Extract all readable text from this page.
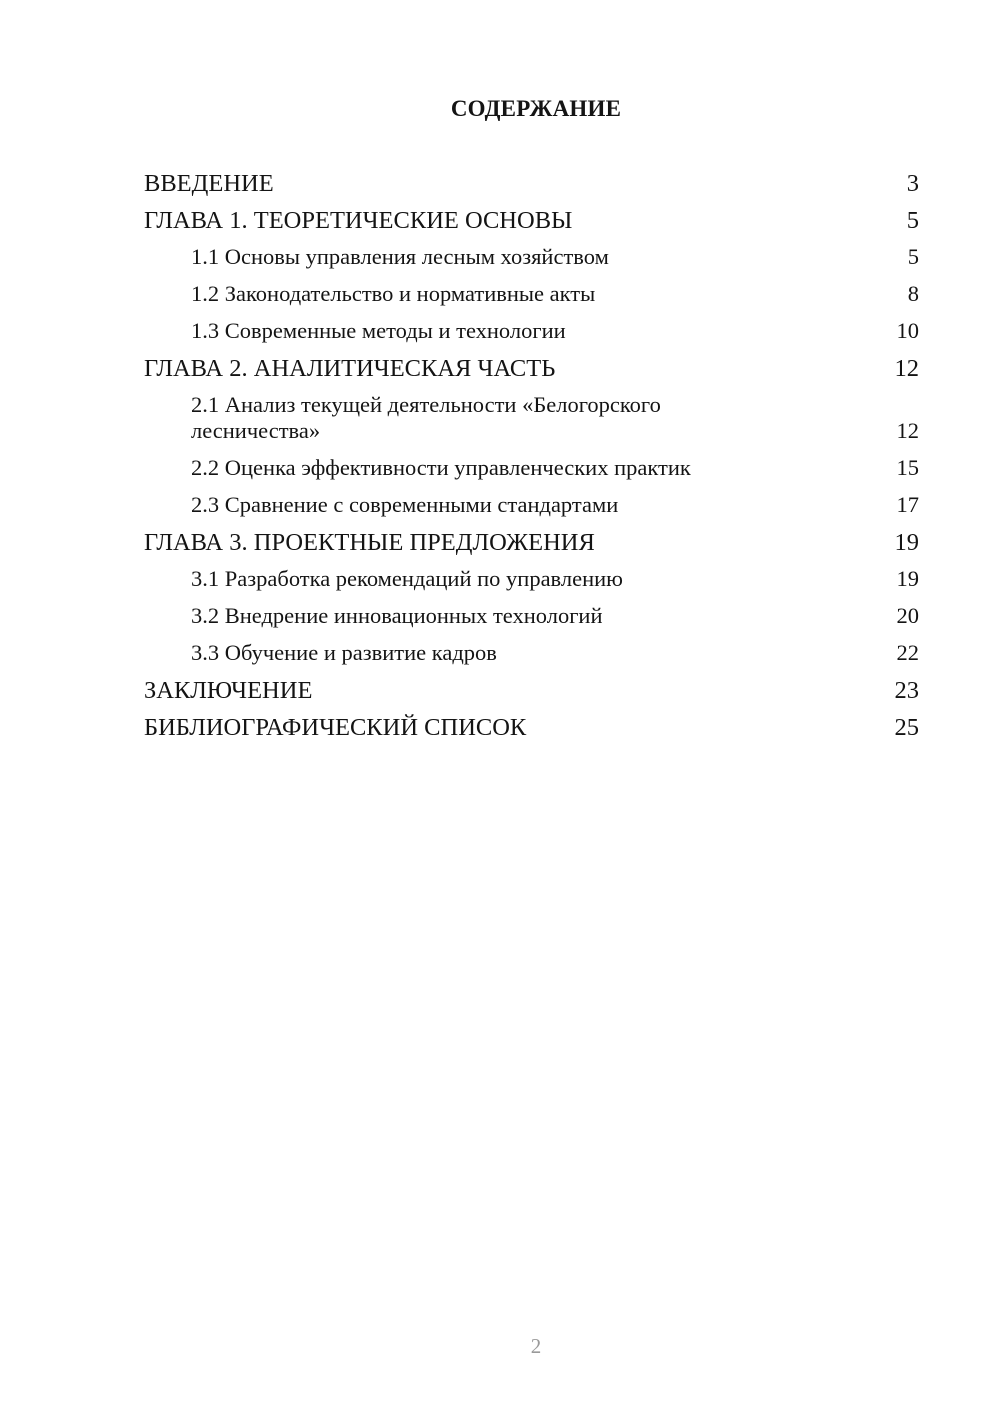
СОДЕРЖАНИЕ
ВВЕДЕНИЕ	3
ГЛАВА 1. ТЕОРЕТИЧЕСКИЕ ОСНОВЫ	5
1.1 Основы управления лесным хозяйством	5
1.2 Законодательство и нормативные акты	8
1.3 Современные методы и технологии	10
ГЛАВА 2. АНАЛИТИЧЕСКАЯ ЧАСТЬ	12
2.1 Анализ текущей деятельности «Белогорского лесничества»	12
2.2 Оценка эффективности управленческих практик	15
2.3 Сравнение с современными стандартами	17
ГЛАВА 3. ПРОЕКТНЫЕ ПРЕДЛОЖЕНИЯ	19
3.1 Разработка рекомендаций по управлению	19
3.2 Внедрение инновационных технологий	20
3.3 Обучение и развитие кадров	22
ЗАКЛЮЧЕНИЕ	23
БИБЛИОГРАФИЧЕСКИЙ СПИСОК	25
2
